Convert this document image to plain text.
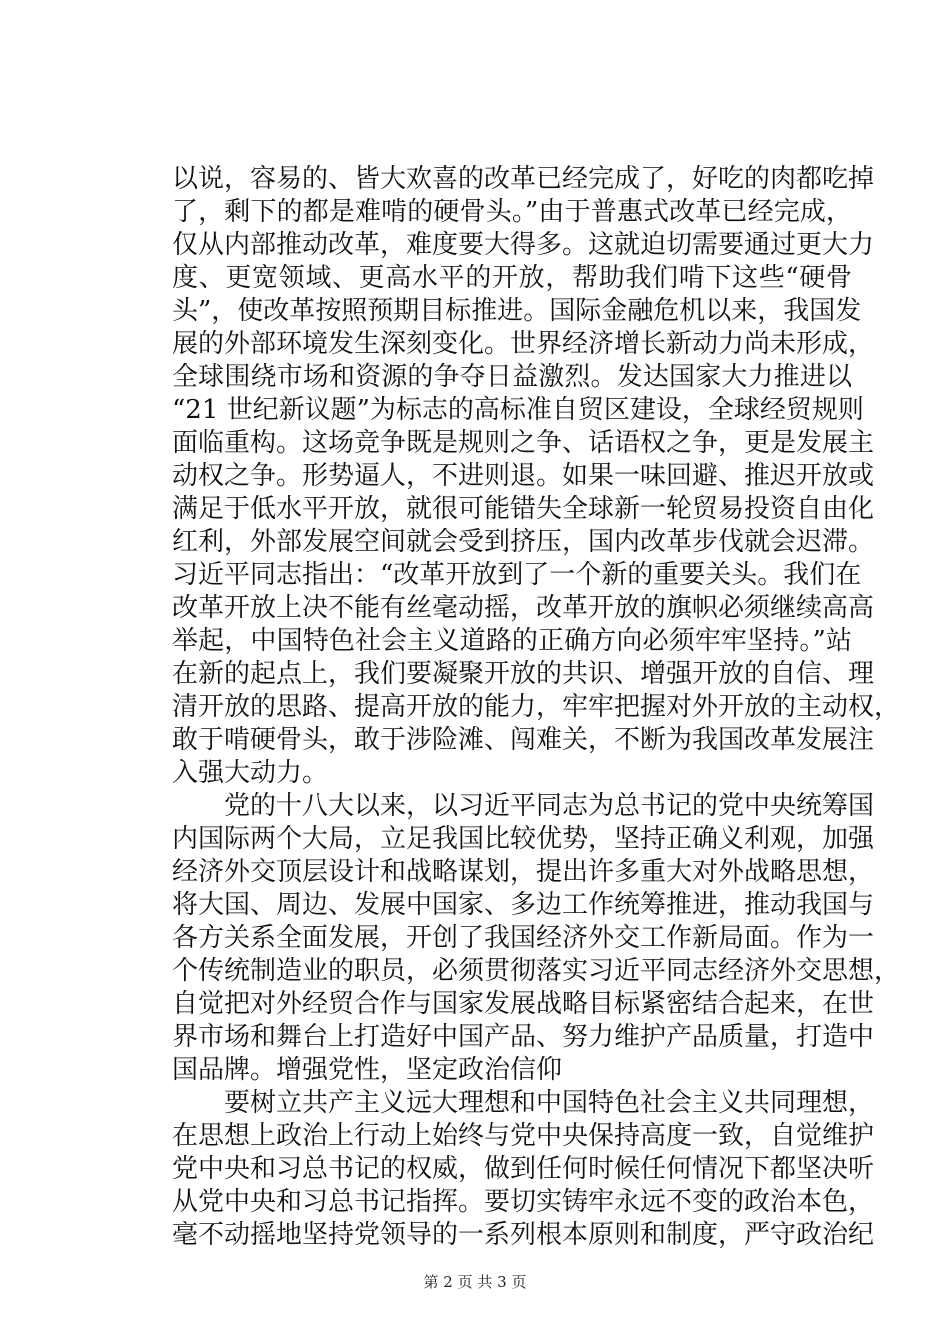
以说，容易的、皆大欢喜的改革已经完成了，好吃的肉都吃掉
了，剩下的都是难啃的硬骨头。”由于普惠式改革已经完成，
仅从内部推动改革，难度要大得多。这就迫切需要通过更大力
度、更宽领域、更高水平的开放，帮助我们啃下这些“硬骨
头”，使改革按照预期目标推进。国际金融危机以来，我国发
展的外部环境发生深刻变化。世界经济增长新动力尚未形成，
全球围绕市场和资源的争夺日益激烈。发达国家大力推进以
“21 世纪新议题”为标志的高标准自贸区建设，全球经贸规则
面临重构。这场竞争既是规则之争、话语权之争，更是发展主
动权之争。形势逼人，不进则退。如果一味回避、推迟开放或
满足于低水平开放，就很可能错失全球新一轮贸易投资自由化
红利，外部发展空间就会受到挤压，国内改革步伐就会迟滞。
习近平同志指出：“改革开放到了一个新的重要关头。我们在
改革开放上决不能有丝毫动摇，改革开放的旗帜必须继续高高
举起，中国特色社会主义道路的正确方向必须牢牢坚持。”站
在新的起点上，我们要凝聚开放的共识、增强开放的自信、理
清开放的思路、提高开放的能力，牢牢把握对外开放的主动权，
敢于啃硬骨头，敢于涉险滩、闯难关，不断为我国改革发展注
入强大动力。
党的十八大以来，以习近平同志为总书记的党中央统筹国
内国际两个大局，立足我国比较优势，坚持正确义利观，加强
经济外交顶层设计和战略谋划，提出许多重大对外战略思想，
将大国、周边、发展中国家、多边工作统筹推进，推动我国与
各方关系全面发展，开创了我国经济外交工作新局面。作为一
个传统制造业的职员，必须贯彻落实习近平同志经济外交思想，
自觉把对外经贸合作与国家发展战略目标紧密结合起来，在世
界市场和舞台上打造好中国产品、努力维护产品质量，打造中
国品牌。增强党性，坚定政治信仰
要树立共产主义远大理想和中国特色社会主义共同理想，
在思想上政治上行动上始终与党中央保持高度一致，自觉维护
党中央和习总书记的权威，做到任何时候任何情况下都坚决听
从党中央和习总书记指挥。要切实铸牢永远不变的政治本色，
毫不动摇地坚持党领导的一系列根本原则和制度，严守政治纪
第 2 页 共 3 页
